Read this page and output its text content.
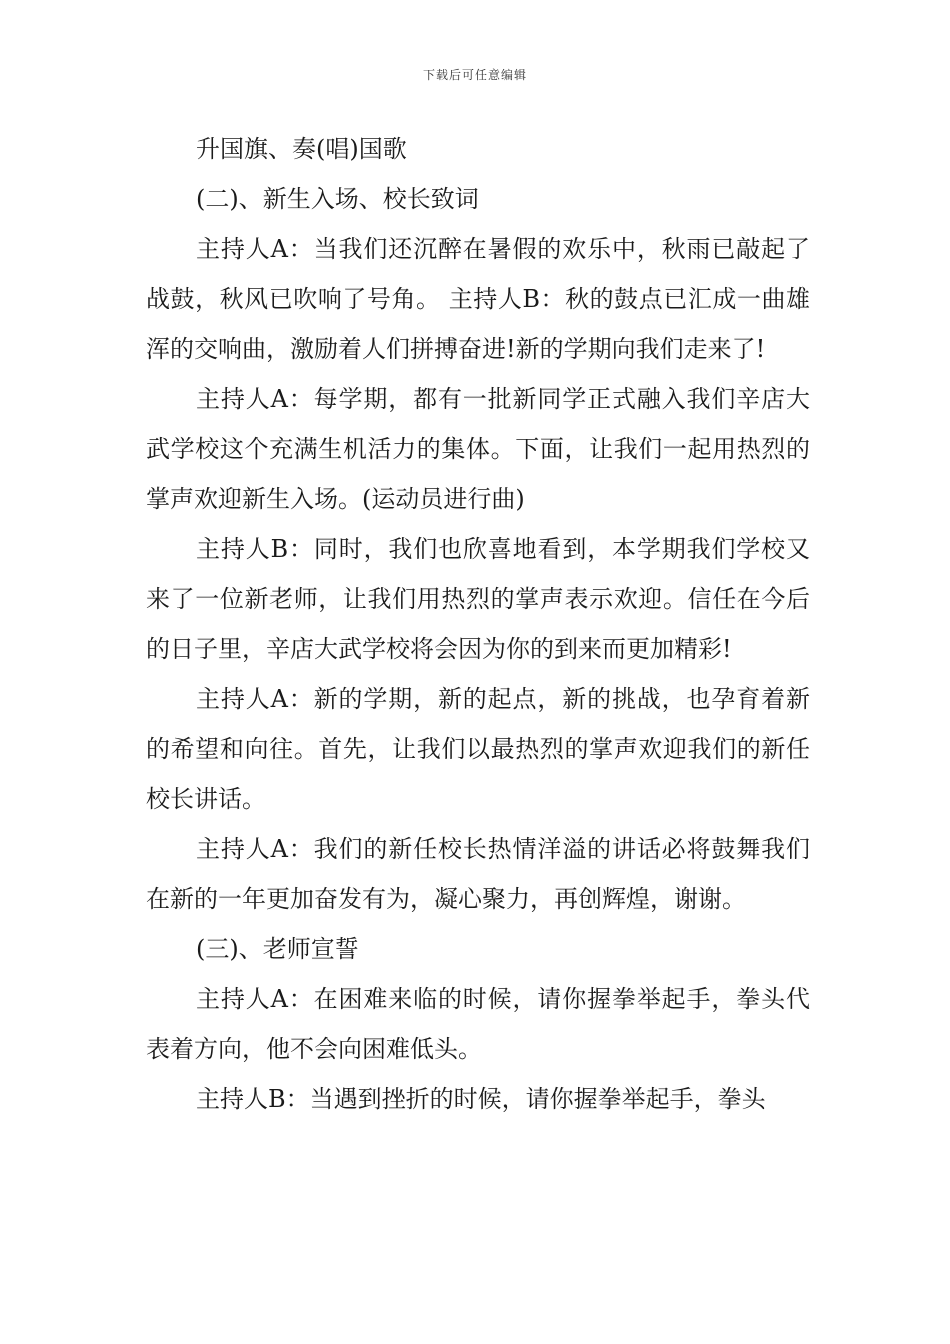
下载后可任意编辑

升国旗、奏(唱)国歌

(二)、新生入场、校长致词

主持人A：当我们还沉醉在暑假的欢乐中，秋雨已敲起了战鼓，秋风已吹响了号角。 主持人B：秋的鼓点已汇成一曲雄浑的交响曲，激励着人们拼搏奋进!新的学期向我们走来了!

主持人A：每学期，都有一批新同学正式融入我们辛店大武学校这个充满生机活力的集体。下面，让我们一起用热烈的掌声欢迎新生入场。(运动员进行曲)

主持人B：同时，我们也欣喜地看到，本学期我们学校又来了一位新老师，让我们用热烈的掌声表示欢迎。信任在今后的日子里，辛店大武学校将会因为你的到来而更加精彩!

主持人A：新的学期，新的起点，新的挑战，也孕育着新的希望和向往。首先，让我们以最热烈的掌声欢迎我们的新任校长讲话。

主持人A：我们的新任校长热情洋溢的讲话必将鼓舞我们在新的一年更加奋发有为，凝心聚力，再创辉煌，谢谢。

(三)、老师宣誓

主持人A：在困难来临的时候，请你握拳举起手，拳头代表着方向，他不会向困难低头。

主持人B：当遇到挫折的时候，请你握拳举起手，拳头
